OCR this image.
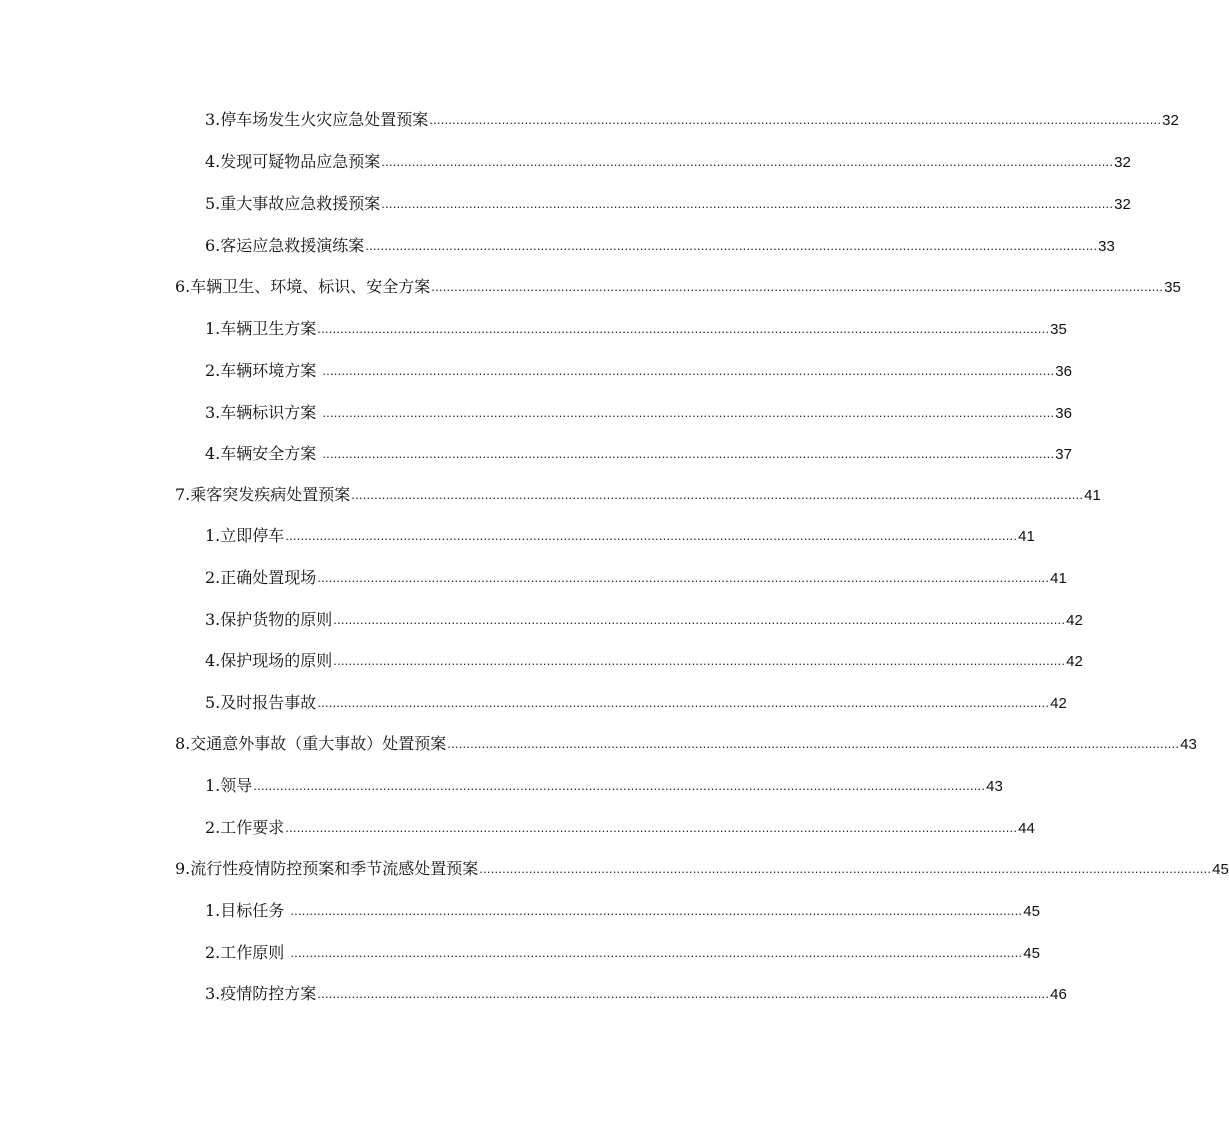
3.停车场发生火灾应急处置预案 ................................................................................................................................................................................................ 32
4.发现可疑物品应急预案 ................................................................................................................................................................................................ 32
5.重大事故应急救援预案 ................................................................................................................................................................................................ 32
6.客运应急救援演练案 ................................................................................................................................................................................................ 33
6.车辆卫生、环境、标识、安全方案 ................................................................................................................................................................................................ 35
1.车辆卫生方案 ................................................................................................................................................................................................ 35
2.车辆环境方案 ................................................................................................................................................................................................ 36
3.车辆标识方案 ................................................................................................................................................................................................ 36
4.车辆安全方案 ................................................................................................................................................................................................ 37
7.乘客突发疾病处置预案 ................................................................................................................................................................................................ 41
1.立即停车 ................................................................................................................................................................................................ 41
2.正确处置现场 ................................................................................................................................................................................................ 41
3.保护货物的原则 ................................................................................................................................................................................................ 42
4.保护现场的原则 ................................................................................................................................................................................................ 42
5.及时报告事故 ................................................................................................................................................................................................ 42
8.交通意外事故（重大事故）处置预案 ................................................................................................................................................................................................ 43
1.领导 ................................................................................................................................................................................................ 43
2.工作要求 ................................................................................................................................................................................................ 44
9.流行性疫情防控预案和季节流感处置预案 ................................................................................................................................................................................................ 45
1.目标任务 ................................................................................................................................................................................................ 45
2.工作原则 ................................................................................................................................................................................................ 45
3.疫情防控方案 ................................................................................................................................................................................................ 46
